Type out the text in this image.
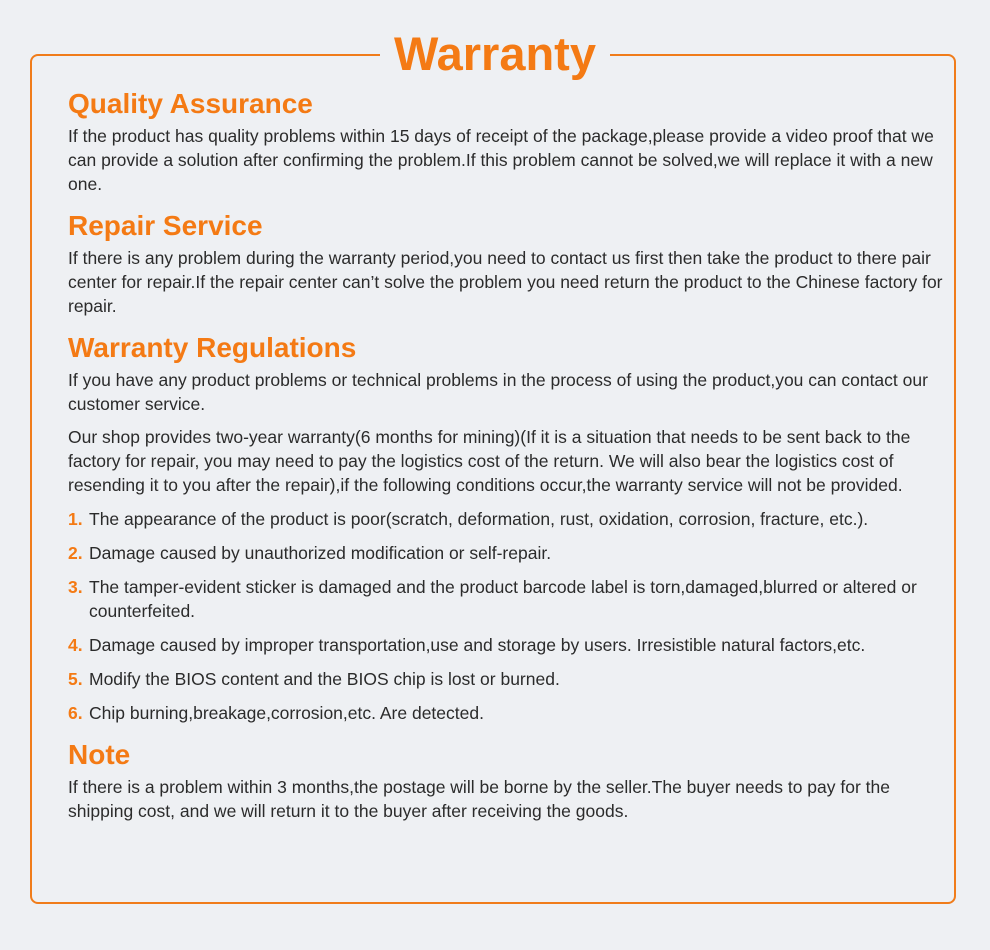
Warranty
Quality Assurance

If the product has quality problems within 15 days of receipt of the package,please provide a video proof that we can provide a solution after confirming the problem.If this problem cannot be solved,we will replace it with a new one.

Repair Service

If there is any problem during the warranty period,you need to contact us first then take the product to there pair center for repair.If the repair center can’t solve the problem you need return the product to the Chinese factory for repair.

Warranty Regulations

If you have any product problems or technical problems in the process of using the product,you can contact our customer service.

Our shop provides two-year warranty(6 months for mining)(If it is a situation that needs to be sent back to the factory for repair, you may need to pay the logistics cost of the return. We will also bear the logistics cost of resending it to you after the repair),if the following conditions occur,the warranty service will not be provided.

1. The appearance of the product is poor(scratch, deformation, rust, oxidation, corrosion, fracture, etc.).
2. Damage caused by unauthorized modification or self-repair.
3. The tamper-evident sticker is damaged and the product barcode label is torn,damaged,blurred or altered or counterfeited.
4. Damage caused by improper transportation,use and storage by users. Irresistible natural factors,etc.
5. Modify the BIOS content and the BIOS chip is lost or burned.
6. Chip burning,breakage,corrosion,etc. Are detected.
Note

If there is a problem within 3 months,the postage will be borne by the seller.The buyer needs to pay for the shipping cost, and we will return it to the buyer after receiving the goods.
